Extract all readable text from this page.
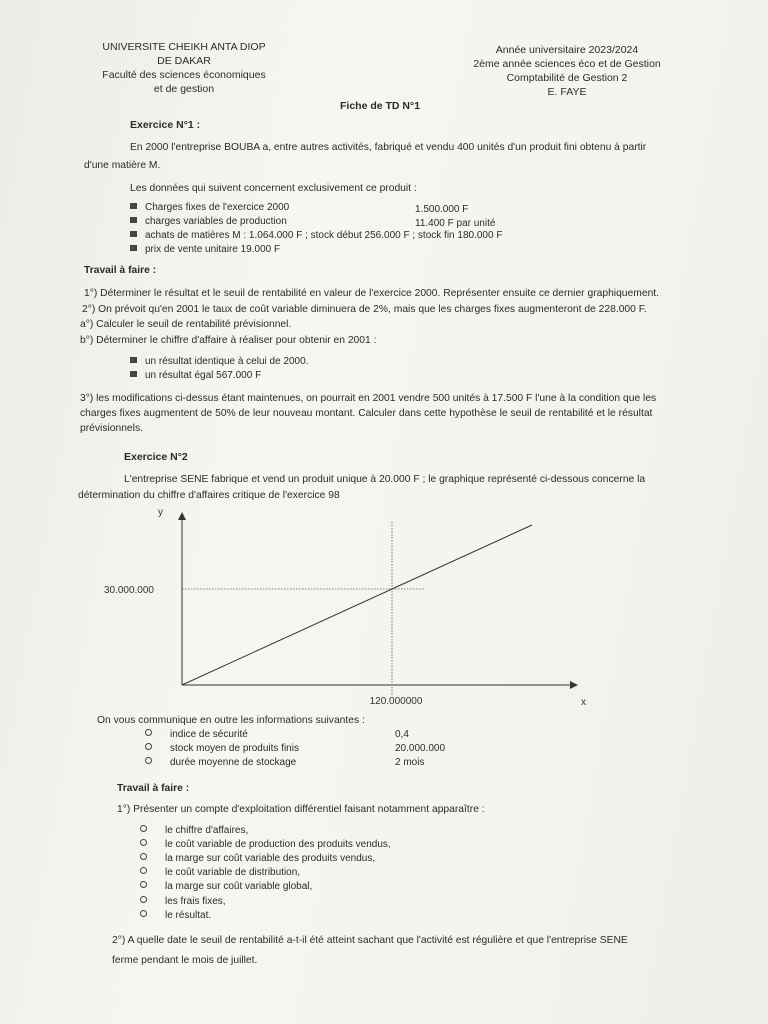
UNIVERSITE CHEIKH ANTA DIOP
DE DAKAR
Faculté des sciences économiques
et de gestion
Année universitaire 2023/2024
2ème année sciences éco et de Gestion
Comptabilité de Gestion 2
E. FAYE
Fiche de TD N°1
Exercice N°1 :
En 2000 l'entreprise BOUBA a, entre autres activités, fabriqué et vendu 400 unités d'un produit fini obtenu à partir
d'une matière M.
Les données qui suivent concernent exclusivement ce produit :
Charges fixes de l'exercice 2000	1.500.000 F
charges variables de production	11.400 F par unité
achats de matières M : 1.064.000 F ; stock début 256.000 F ; stock fin 180.000 F
prix de vente unitaire 19.000 F
Travail à faire :
1°) Déterminer le résultat et le seuil de rentabilité en valeur de l'exercice 2000. Représenter ensuite ce dernier graphiquement.
2°) On prévoit qu'en 2001 le taux de coût variable diminuera de 2%, mais que les charges fixes augmenteront de 228.000 F.
a°) Calculer le seuil de rentabilité prévisionnel.
b°) Déterminer le chiffre d'affaire à réaliser pour obtenir en 2001 :
un résultat identique à celui de 2000.
un résultat égal 567.000 F
3°) les modifications ci-dessus étant maintenues, on pourrait en 2001 vendre 500 unités à 17.500 F l'une à la condition que les
charges fixes augmentent de 50% de leur nouveau montant. Calculer dans cette hypothèse le seuil de rentabilité et le résultat
prévisionnels.
Exercice N°2
L'entreprise SENE fabrique et vend un produit unique à 20.000 F ; le graphique représenté ci-dessous concerne la
détermination du chiffre d'affaires critique de l'exercice 98
y
x
30.000.000
120.000000
On vous communique en outre les informations suivantes :
indice de sécurité	0,4
stock moyen de produits finis	20.000.000
durée moyenne de stockage	2 mois
Travail à faire :
1°) Présenter un compte d'exploitation différentiel faisant notamment apparaître :
le chiffre d'affaires,
le coût variable de production des produits vendus,
la marge sur coût variable des produits vendus,
le coût variable de distribution,
la marge sur coût variable global,
les frais fixes,
le résultat.
2°) A quelle date le seuil de rentabilité a-t-il été atteint sachant que l'activité est régulière et que l'entreprise SENE
ferme pendant le mois de juillet.
